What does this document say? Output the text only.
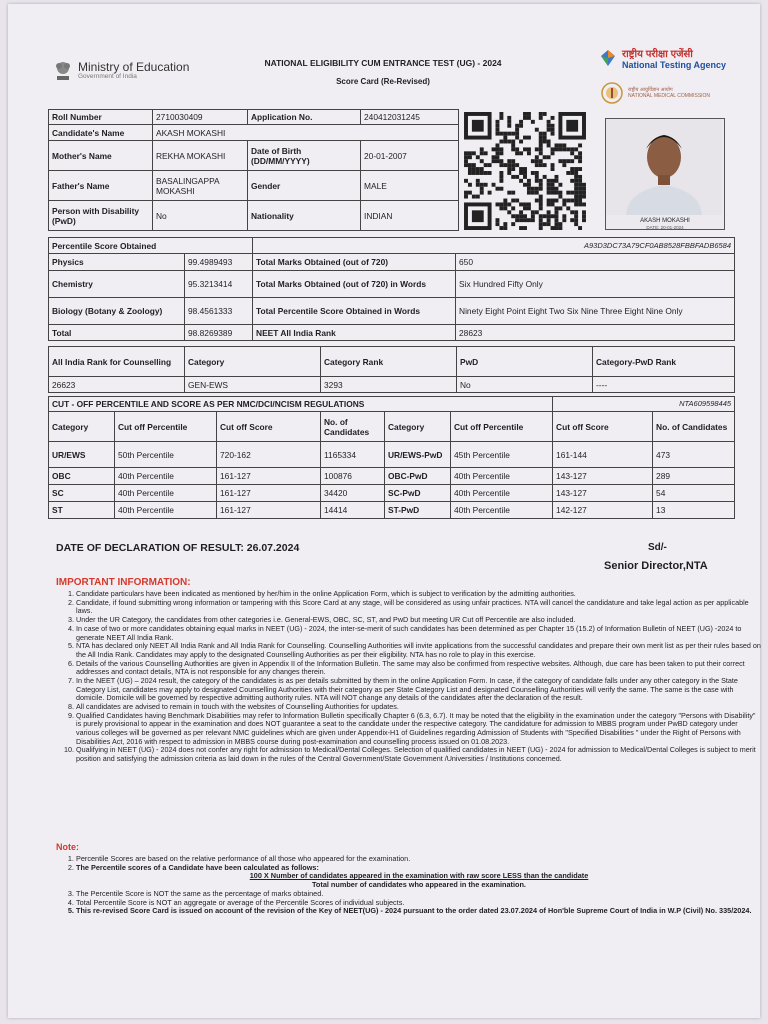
Ministry of Education
Government of India
NATIONAL ELIGIBILITY CUM ENTRANCE TEST (UG) - 2024
Score Card (Re-Revised)
राष्ट्रीय परीक्षा एजेंसी
National Testing Agency
राष्ट्रीय आयुर्विज्ञान आयोग
NATIONAL MEDICAL COMMISSION
Roll Number	2710030409	Application No.	240412031245
Candidate's Name	AKASH MOKASHI		
Mother's Name	REKHA MOKASHI	Date of Birth (DD/MM/YYYY)	20-01-2007
Father's Name	BASALINGAPPA MOKASHI	Gender	MALE
Person with Disability (PwD)	No	Nationality	INDIAN
AKASH MOKASHI
DATE: 20-01-2024
Percentile Score Obtained		A93D3DC73A79CF0AB8528FBBFADB6584	
Physics	99.4989493	Total Marks Obtained (out of 720)	650
Chemistry	95.3213414	Total Marks Obtained (out of 720) in Words	Six Hundred Fifty Only
Biology (Botany & Zoology)	98.4561333	Total Percentile Score Obtained in Words	Ninety Eight Point Eight Two Six Nine Three Eight Nine Only
Total	98.8269389	NEET All India Rank	28623
All India Rank for Counselling	Category	Category Rank	PwD	Category-PwD Rank
26623	GEN-EWS	3293	No	----
CUT - OFF PERCENTILE AND SCORE AS PER NMC/DCI/NCISM REGULATIONS						NTA609598445	
Category	Cut off Percentile	Cut off Score	No. of Candidates	Category	Cut off Percentile	Cut off Score	No. of Candidates
UR/EWS	50th Percentile	720-162	1165334	UR/EWS-PwD	45th Percentile	161-144	473
OBC	40th Percentile	161-127	100876	OBC-PwD	40th Percentile	143-127	289
SC	40th Percentile	161-127	34420	SC-PwD	40th Percentile	143-127	54
ST	40th Percentile	161-127	14414	ST-PwD	40th Percentile	142-127	13
DATE OF DECLARATION OF RESULT: 26.07.2024	Sd/-
Senior Director,NTA
IMPORTANT INFORMATION:
1. Candidate particulars have been indicated as mentioned by her/him in the online Application Form, which is subject to verification by the admitting authorities.
2. Candidate, if found submitting wrong information or tampering with this Score Card at any stage, will be considered as using unfair practices. NTA will cancel the candidature and take legal action as per applicable laws.
3. Under the UR Category, the candidates from other categories i.e. General-EWS, OBC, SC, ST, and PwD but meeting UR Cut off Percentile are also included.
4. In case of two or more candidates obtaining equal marks in NEET (UG) - 2024, the inter-se-merit of such candidates has been determined as per Chapter 15 (15.2) of Information Bulletin of NEET (UG) -2024 to generate NEET All India Rank.
5. NTA has declared only NEET All India Rank and All India Rank for Counselling. Counselling Authorities will invite applications from the successful candidates and prepare their own merit list as per their rules based on the All India Rank. Candidates may apply to the designated Counselling Authorities as per their eligibility. NTA has no role to play in this exercise.
6. Details of the various Counselling Authorities are given in Appendix II of the Information Bulletin. The same may also be confirmed from respective websites. Although, due care has been taken to put their correct addresses and contact details, NTA is not responsible for any changes therein.
7. In the NEET (UG) – 2024 result, the category of the candidates is as per details submitted by them in the online Application Form. In case, if the category of candidate falls under any other category in the State Category List, candidates may apply to designated Counselling Authorities with their category as per State Category List and designated Counselling Authorities will verify the same. The same is the case with domicile. Domicile will be governed by respective admitting authority rules. NTA will NOT change any details of the candidates after the declaration of the result.
8. All candidates are advised to remain in touch with the websites of Counselling Authorities for updates.
9. Qualified Candidates having Benchmark Disabilities may refer to Information Bulletin specifically Chapter 6 (6.3, 6.7). It may be noted that the eligibility in the examination under the category "Persons with Disability" is purely provisional to appear in the examination and does NOT guarantee a seat to the candidate under the respective category. The candidature for admission to MBBS program under PwBD category under various colleges will be governed as per relevant NMC guidelines which are given under Appendix-H1 of Guidelines regarding Admission of Students with "Specified Disabilities " under the Right of Persons with Disabilities Act, 2016 with respect to admission in MBBS course during post-examination and counselling process issued on 01.08.2023.
10. Qualifying in NEET (UG) - 2024 does not confer any right for admission to Medical/Dental Colleges. Selection of qualified candidates in NEET (UG) - 2024 for admission to Medical/Dental Colleges is subject to merit position and satisfying the admission criteria as laid down in the rules of the Central Government/State Government /Universities / Institutions concerned.
Note:
1. Percentile Scores are based on the relative performance of all those who appeared for the examination.
2. The Percentile scores of a Candidate have been calculated as follows:
100 X Number of candidates appeared in the examination with raw score LESS than the candidate
Total number of candidates who appeared in the examination.
3. The Percentile Score is NOT the same as the percentage of marks obtained.
4. Total Percentile Score is NOT an aggregate or average of the Percentile Scores of individual subjects.
5. This re-revised Score Card is issued on account of the revision of the Key of NEET(UG) - 2024 pursuant to the order dated 23.07.2024 of Hon'ble Supreme Court of India in W.P (Civil) No. 335/2024.
